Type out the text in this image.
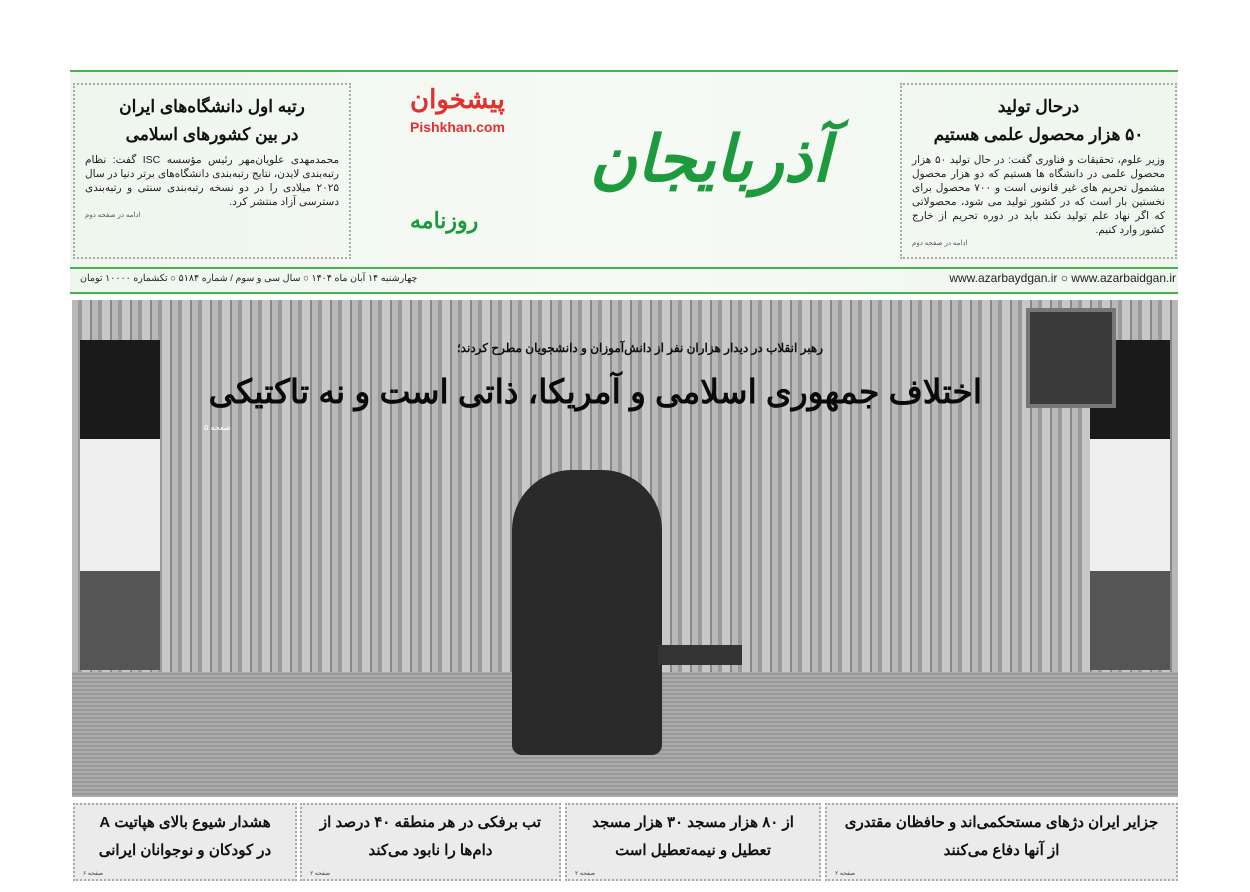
رتبه اول دانشگاه‌های ایران
در بین کشورهای اسلامی

محمدمهدی علویان‌مهر رئیس مؤسسه ISC گفت: نظام رتبه‌بندی لایدن، نتایج رتبه‌بندی دانشگاه‌های برتر دنیا در سال ۲۰۲۵ میلادی را در دو نسخه رتبه‌بندی سنتی و رتبه‌بندی دسترسی آزاد منتشر کرد.

ادامه در صفحه دوم
پیشخوان
Pishkhan.com آذربایجان
روزنامه
درحال تولید
۵۰ هزار محصول علمی هستیم

وزیر علوم، تحقیقات و فناوری گفت: در حال تولید ۵۰ هزار محصول علمی در دانشگاه ها هستیم که دو هزار محصول مشمول تحریم های غیر قانونی است و ۷۰۰ محصول برای نخستین بار است که در کشور تولید می شود، محصولاتی که اگر نهاد علم تولید نکند باید در دوره تحریم از خارج کشور وارد کنیم.

ادامه در صفحه دوم
چهارشنبه ۱۴ آبان ماه ۱۴۰۴ ○ سال سی و سوم / شماره ۵۱۸۴ ○ تکشماره ۱۰۰۰۰ تومان	www.azarbaydgan.ir ○ www.azarbaidgan.ir
رهبر انقلاب در دیدار هزاران نفر از دانش‌آموزان و دانشجویان مطرح کردند؛
اختلاف جمهوری اسلامی و آمریکا، ذاتی است و نه تاکتیکی
صفحه ۵
جزایر ایران دژهای مستحکمی‌اند و حافظان مقتدری
از آنها دفاع می‌کنند
صفحه ۲
از ۸۰ هزار مسجد ۳۰ هزار مسجد
تعطیل و نیمه‌تعطیل است
صفحه ۲
تب برفکی در هر منطقه ۴۰ درصد از
دام‌ها را نابود می‌کند
صفحه ۲
هشدار شیوع بالای هپاتیت A
در کودکان و نوجوانان ایرانی
صفحه ۶
